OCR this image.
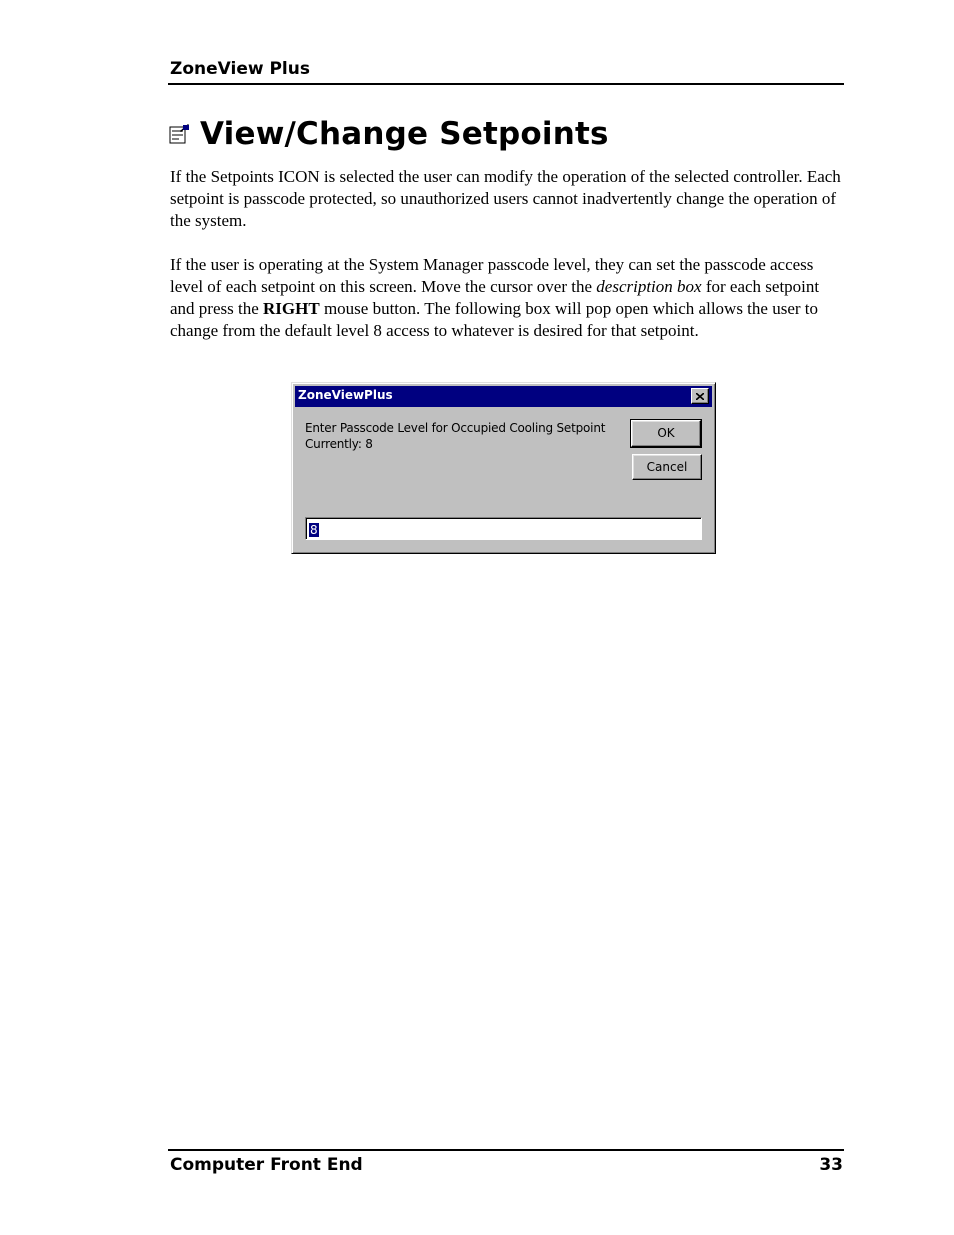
ZoneView Plus
View/Change Setpoints

If the Setpoints ICON is selected the user can modify the operation of the selected controller. Each setpoint is passcode protected, so unauthorized users cannot inadvertently change the operation of the system.

If the user is operating at the System Manager passcode level, they can set the passcode access level of each setpoint on this screen. Move the cursor over the description box for each setpoint and press the RIGHT mouse button. The following box will pop open which allows the user to change from the default level 8 access to whatever is desired for that setpoint.

ZoneViewPlus
Enter Passcode Level for Occupied Cooling Setpoint
Currently: 8
OK
Cancel
8
Computer Front End	33
